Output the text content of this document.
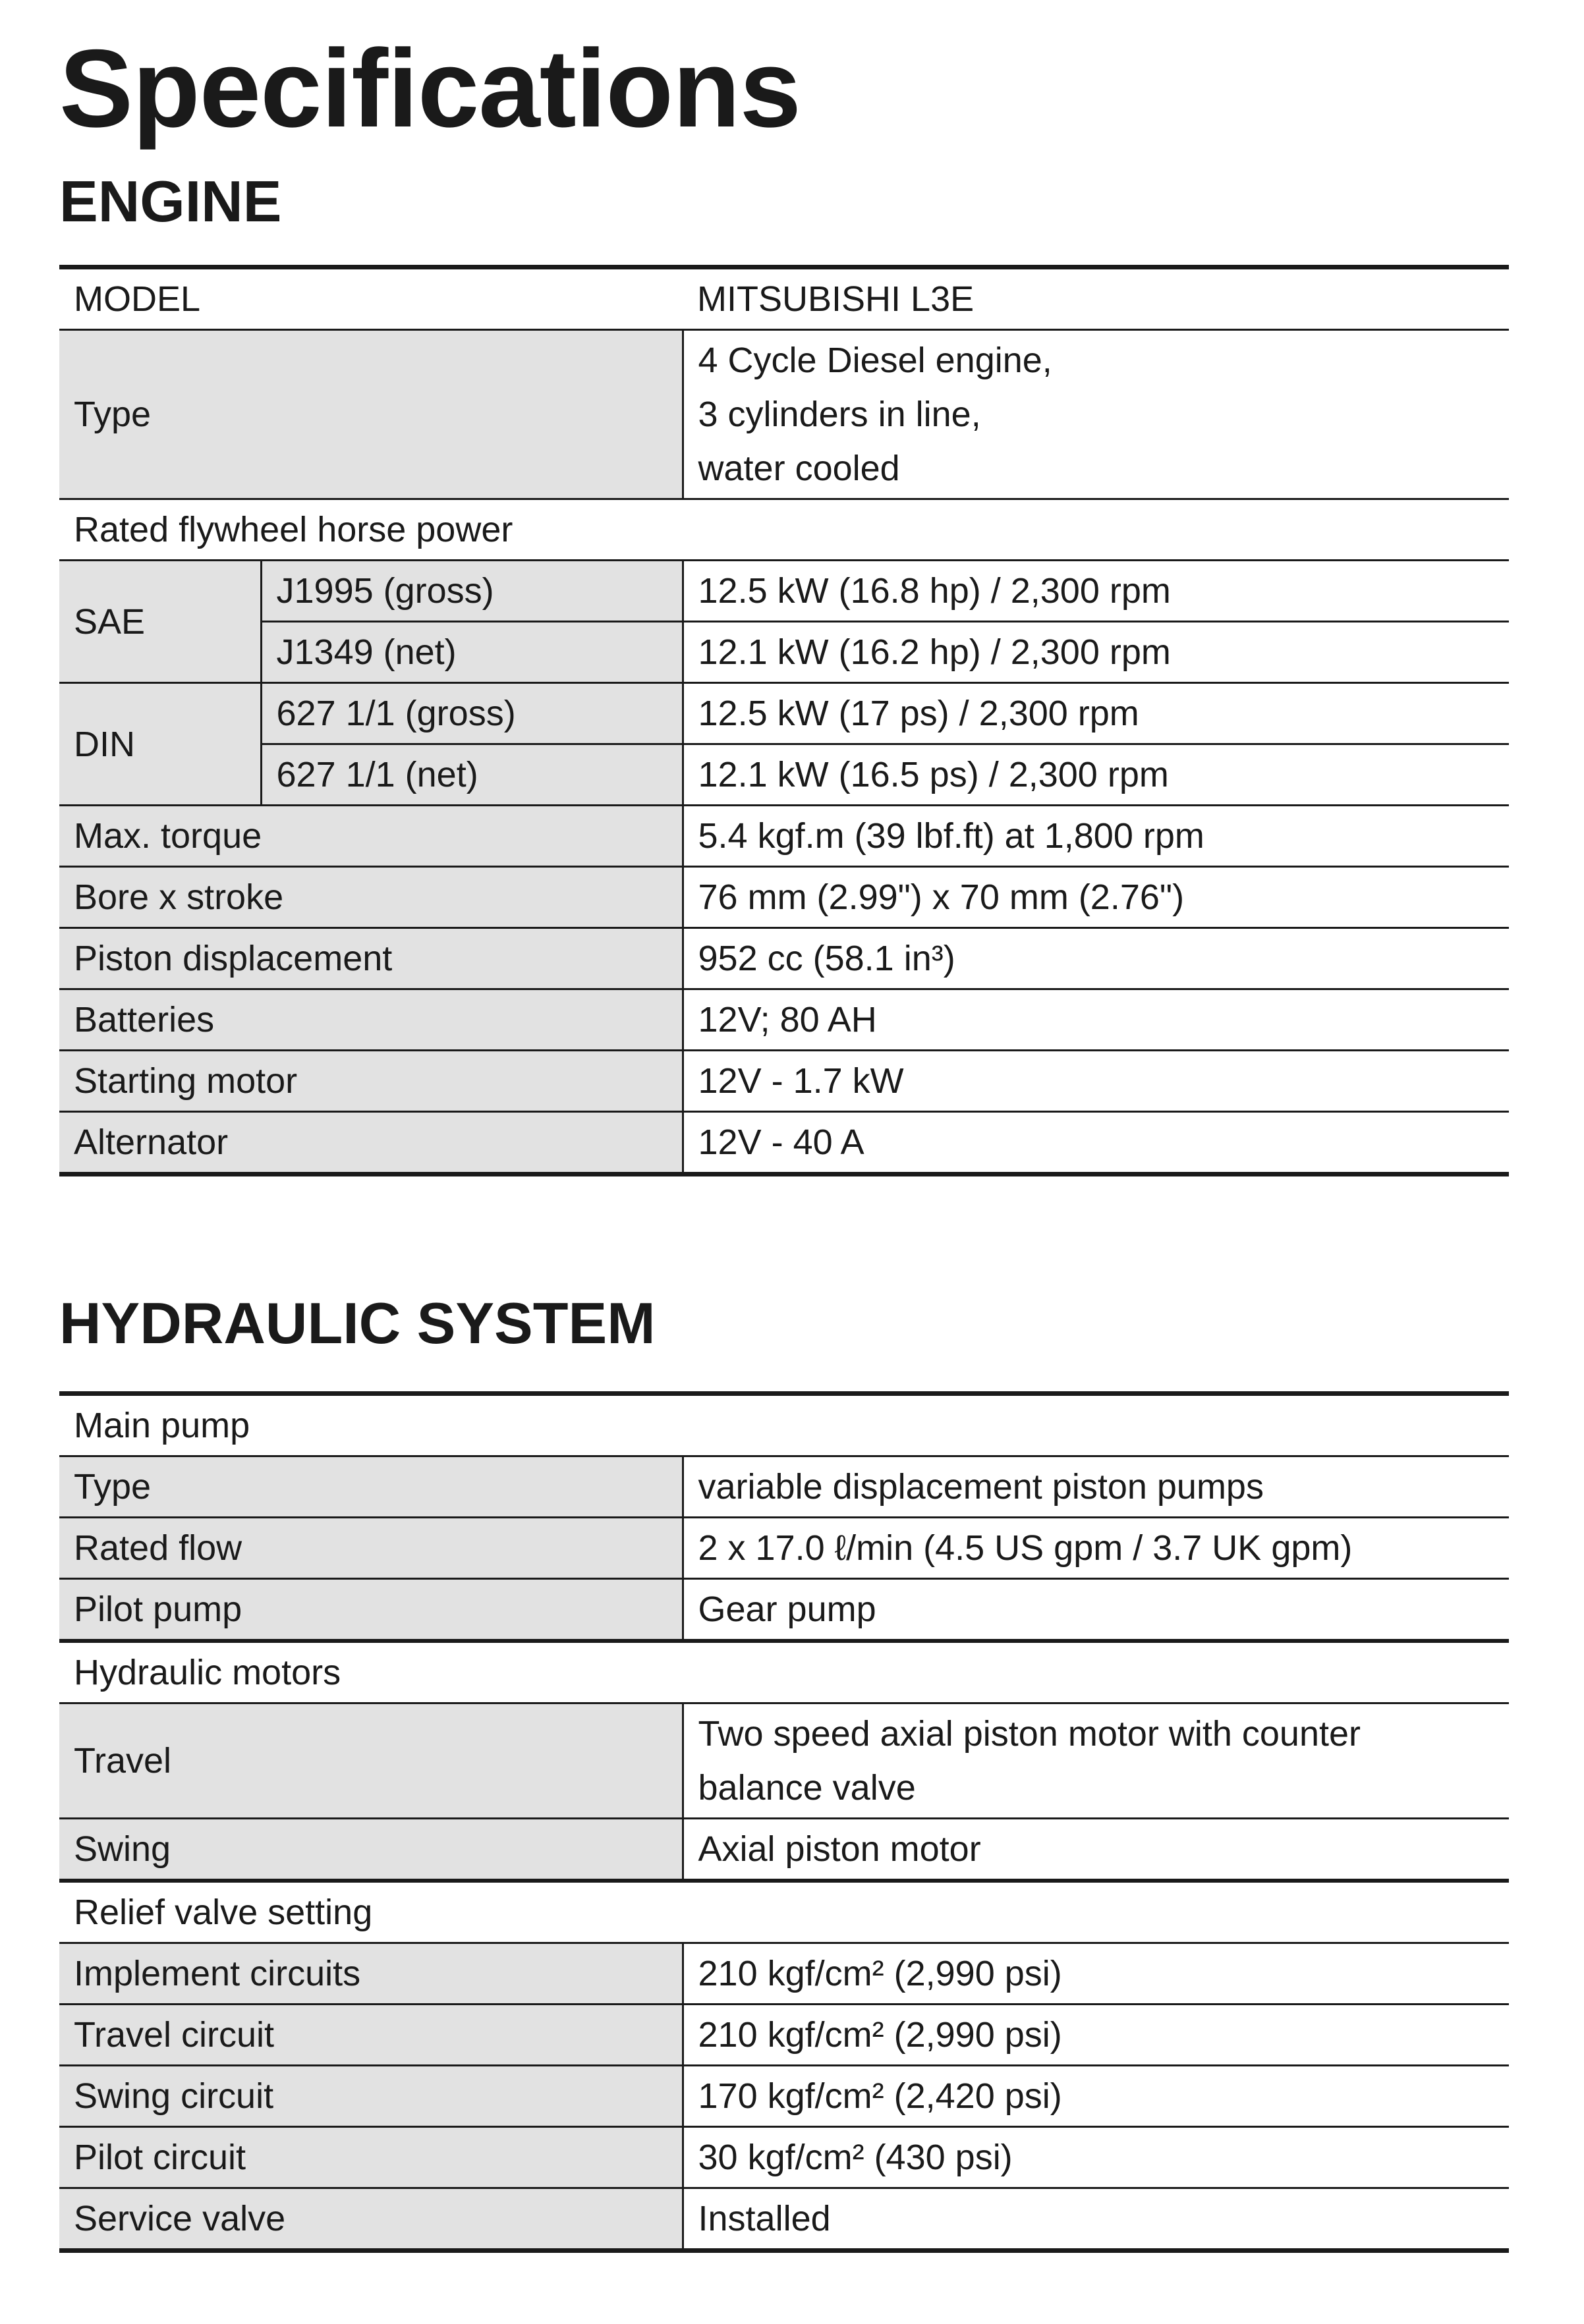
Specifications
ENGINE
MODEL		MITSUBISHI L3E
Type		4 Cycle Diesel engine,
3 cylinders in line,
water cooled

Rated flywheel horse power		
SAE	J1995 (gross)	12.5 kW (16.8 hp) / 2,300 rpm
	J1349 (net)	12.1 kW (16.2 hp) / 2,300 rpm
DIN	627 1/1 (gross)	12.5 kW (17 ps) / 2,300 rpm
	627 1/1 (net)	12.1 kW (16.5 ps) / 2,300 rpm
Max. torque		5.4 kgf.m (39 lbf.ft) at 1,800 rpm
Bore x stroke		76 mm (2.99") x 70 mm (2.76")
Piston displacement		952 cc (58.1 in³)
Batteries		12V; 80 AH
Starting motor		12V - 1.7 kW
Alternator		12V - 40 A
HYDRAULIC SYSTEM
Main pump	
Type	variable displacement piston pumps
Rated flow	2 x 17.0 ℓ/min (4.5 US gpm / 3.7 UK gpm)
Pilot pump	Gear pump
Hydraulic motors	
Travel	Two speed axial piston motor with counter
balance valve

Swing	Axial piston motor
Relief valve setting	
Implement circuits	210 kgf/cm² (2,990 psi)
Travel circuit	210 kgf/cm² (2,990 psi)
Swing circuit	170 kgf/cm² (2,420 psi)
Pilot circuit	30 kgf/cm² (430 psi)
Service valve	Installed
